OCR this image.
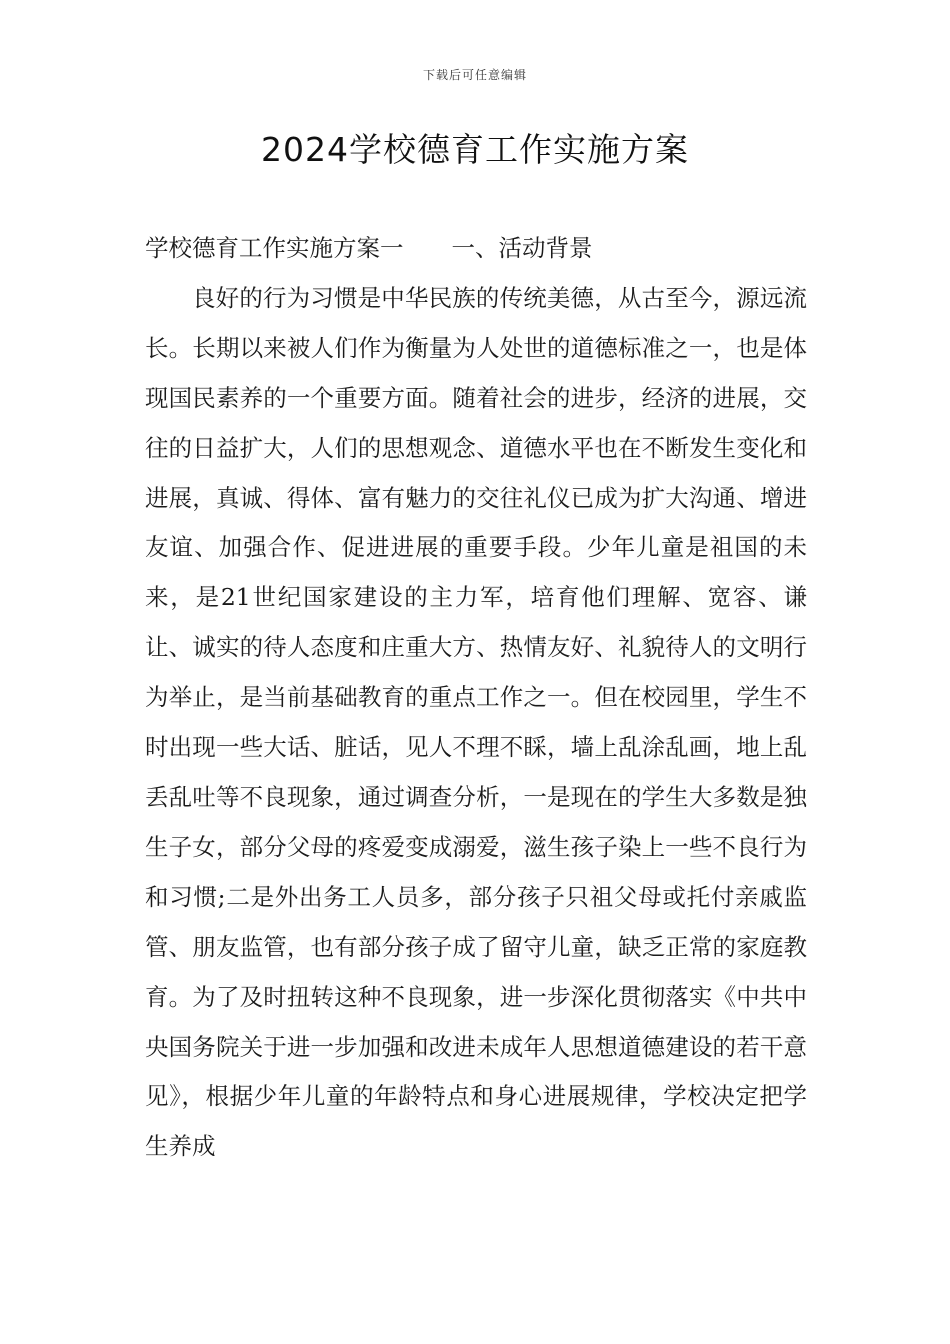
下载后可任意编辑
2024学校德育工作实施方案

学校德育工作实施方案一 一、活动背景

良好的行为习惯是中华民族的传统美德，从古至今，源远流长。长期以来被人们作为衡量为人处世的道德标准之一，也是体现国民素养的一个重要方面。随着社会的进步，经济的进展，交往的日益扩大，人们的思想观念、道德水平也在不断发生变化和进展，真诚、得体、富有魅力的交往礼仪已成为扩大沟通、增进友谊、加强合作、促进进展的重要手段。少年儿童是祖国的未来，是21世纪国家建设的主力军，培育他们理解、宽容、谦让、诚实的待人态度和庄重大方、热情友好、礼貌待人的文明行为举止，是当前基础教育的重点工作之一。但在校园里，学生不时出现一些大话、脏话，见人不理不睬，墙上乱涂乱画，地上乱丢乱吐等不良现象，通过调查分析，一是现在的学生大多数是独生子女，部分父母的疼爱变成溺爱，滋生孩子染上一些不良行为和习惯;二是外出务工人员多，部分孩子只祖父母或托付亲戚监管、朋友监管，也有部分孩子成了留守儿童，缺乏正常的家庭教育。为了及时扭转这种不良现象，进一步深化贯彻落实《中共中央国务院关于进一步加强和改进未成年人思想道德建设的若干意见》，根据少年儿童的年龄特点和身心进展规律，学校决定把学生养成
